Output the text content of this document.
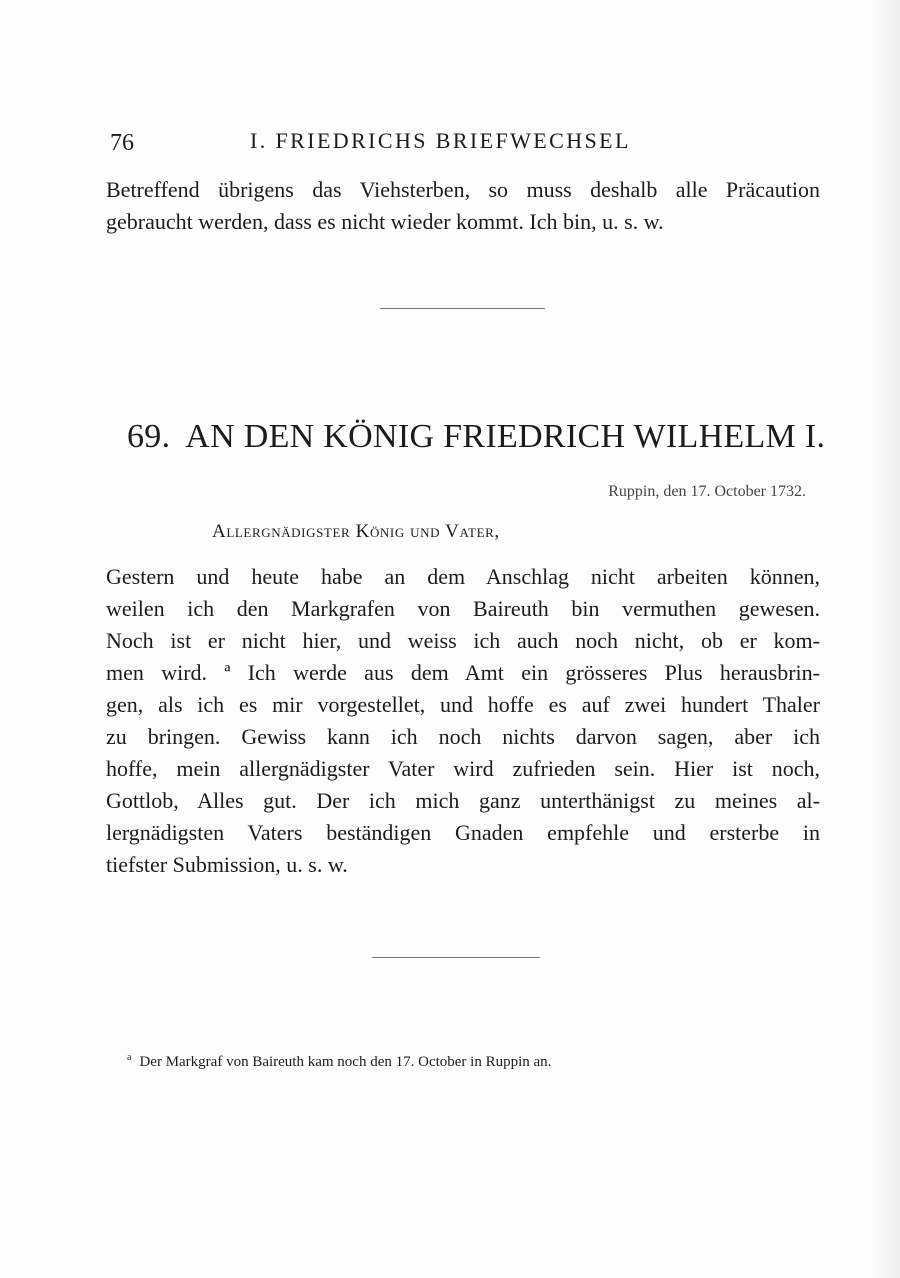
76	I. FRIEDRICHS BRIEFWECHSEL
Betreffend übrigens das Viehsterben, so muss deshalb alle Präcaution
gebraucht werden, dass es nicht wieder kommt. Ich bin, u. s. w.
69. AN DEN KÖNIG FRIEDRICH WILHELM I.
Ruppin, den 17. October 1732.
Allergnädigster König und Vater,
Gestern und heute habe an dem Anschlag nicht arbeiten können,
weilen ich den Markgrafen von Baireuth bin vermuthen gewesen.
Noch ist er nicht hier, und weiss ich auch noch nicht, ob er kom-
men wird. ª Ich werde aus dem Amt ein grösseres Plus herausbrin-
gen, als ich es mir vorgestellet, und hoffe es auf zwei hundert Thaler
zu bringen. Gewiss kann ich noch nichts darvon sagen, aber ich
hoffe, mein allergnädigster Vater wird zufrieden sein. Hier ist noch,
Gottlob, Alles gut. Der ich mich ganz unterthänigst zu meines al-
lergnädigsten Vaters beständigen Gnaden empfehle und ersterbe in
tiefster Submission, u. s. w.
$^a$ Der Markgraf von Baireuth kam noch den 17. October in Ruppin an.
